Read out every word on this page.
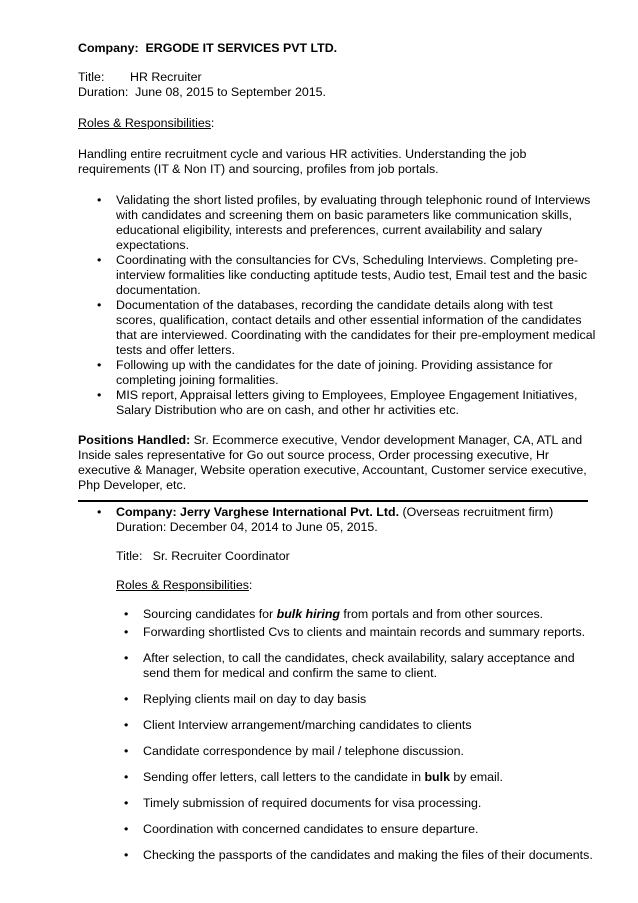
Company: ERGODE IT SERVICES PVT LTD.

Title: HR Recruiter

Duration: June 08, 2015 to September 2015.

Roles & Responsibilities:

Handling entire recruitment cycle and various HR activities. Understanding the job requirements (IT & Non IT) and sourcing, profiles from job portals.

• Validating the short listed profiles, by evaluating through telephonic round of Interviews with candidates and screening them on basic parameters like communication skills, educational eligibility, interests and preferences, current availability and salary expectations.
• Coordinating with the consultancies for CVs, Scheduling Interviews. Completing pre-interview formalities like conducting aptitude tests, Audio test, Email test and the basic documentation.
• Documentation of the databases, recording the candidate details along with test scores, qualification, contact details and other essential information of the candidates that are interviewed. Coordinating with the candidates for their pre-employment medical tests and offer letters.
• Following up with the candidates for the date of joining. Providing assistance for completing joining formalities.
• MIS report, Appraisal letters giving to Employees, Employee Engagement Initiatives, Salary Distribution who are on cash, and other hr activities etc.

Positions Handled: Sr. Ecommerce executive, Vendor development Manager, CA, ATL and Inside sales representative for Go out source process, Order processing executive, Hr executive & Manager, Website operation executive, Accountant, Customer service executive, Php Developer, etc.

• Company: Jerry Varghese International Pvt. Ltd. (Overseas recruitment firm) Duration: December 04, 2014 to June 05, 2015.

Title: Sr. Recruiter Coordinator

Roles & Responsibilities:

• Sourcing candidates for bulk hiring from portals and from other sources.
• Forwarding shortlisted Cvs to clients and maintain records and summary reports.
• After selection, to call the candidates, check availability, salary acceptance and send them for medical and confirm the same to client.
• Replying clients mail on day to day basis
• Client Interview arrangement/marching candidates to clients
• Candidate correspondence by mail / telephone discussion.
• Sending offer letters, call letters to the candidate in bulk by email.
• Timely submission of required documents for visa processing.
• Coordination with concerned candidates to ensure departure.
• Checking the passports of the candidates and making the files of their documents.
